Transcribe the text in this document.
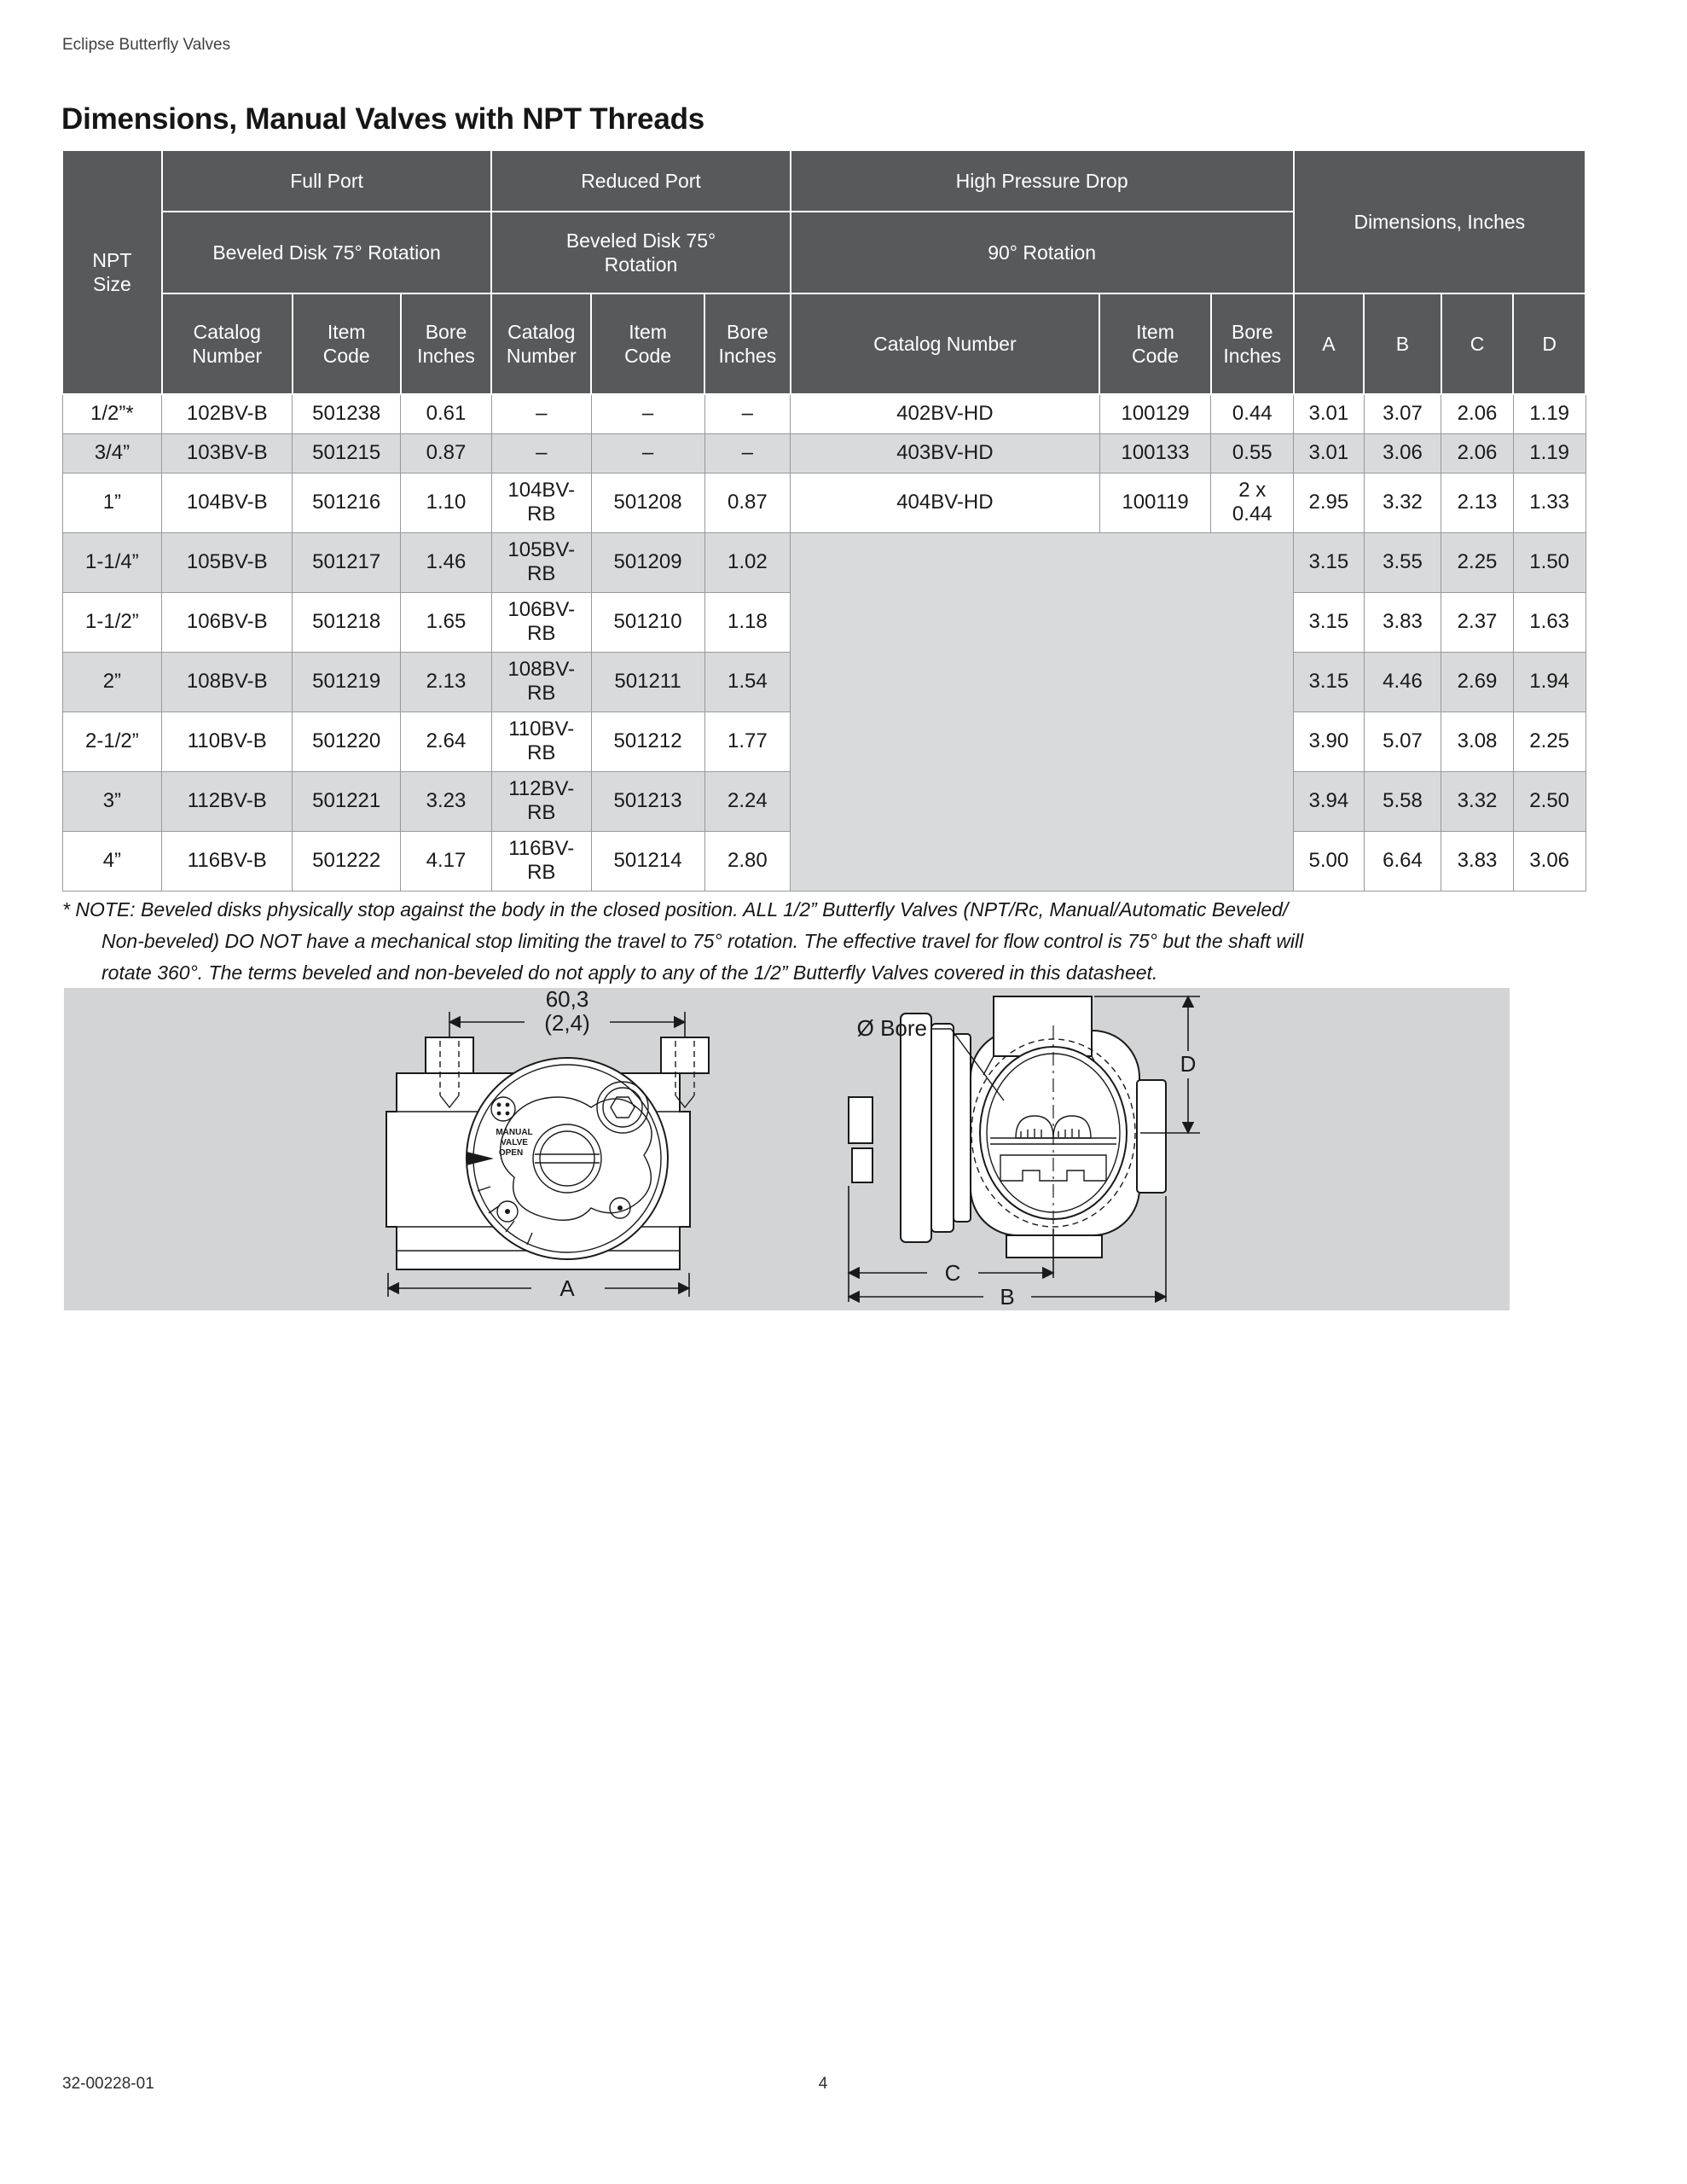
Eclipse Butterfly Valves
Dimensions, Manual Valves with NPT Threads
NPT Size	Full Port			Reduced Port			High Pressure Drop			Dimensions, Inches			
	Beveled Disk 75° Rotation			Beveled Disk 75° Rotation			90° Rotation						
	Catalog Number	Item Code	Bore Inches	Catalog Number	Item Code	Bore Inches	Catalog Number	Item Code	Bore Inches	A	B	C	D
1/2”*	102BV-B	501238	0.61	–	–	–	402BV-HD	100129	0.44	3.01	3.07	2.06	1.19
3/4”	103BV-B	501215	0.87	–	–	–	403BV-HD	100133	0.55	3.01	3.06	2.06	1.19
1”	104BV-B	501216	1.10	104BV-RB	501208	0.87	404BV-HD	100119	2 x 0.44	2.95	3.32	2.13	1.33
1-1/4”	105BV-B	501217	1.46	105BV-RB	501209	1.02				3.15	3.55	2.25	1.50
1-1/2”	106BV-B	501218	1.65	106BV-RB	501210	1.18				3.15	3.83	2.37	1.63
2”	108BV-B	501219	2.13	108BV-RB	501211	1.54				3.15	4.46	2.69	1.94
2-1/2”	110BV-B	501220	2.64	110BV-RB	501212	1.77				3.90	5.07	3.08	2.25
3”	112BV-B	501221	3.23	112BV-RB	501213	2.24				3.94	5.58	3.32	2.50
4”	116BV-B	501222	4.17	116BV-RB	501214	2.80				5.00	6.64	3.83	3.06
* NOTE: Beveled disks physically stop against the body in the closed position. ALL 1/2” Butterfly Valves (NPT/Rc, Manual/Automatic Beveled/
Non-beveled) DO NOT have a mechanical stop limiting the travel to 75° rotation. The effective travel for flow control is 75° but the shaft will
rotate 360°. The terms beveled and non-beveled do not apply to any of the 1/2” Butterfly Valves covered in this datasheet.
MANUAL
VALVE
OPEN
60,3
(2,4)
A
Ø Bore
D
C
B
32-00228-01	4
